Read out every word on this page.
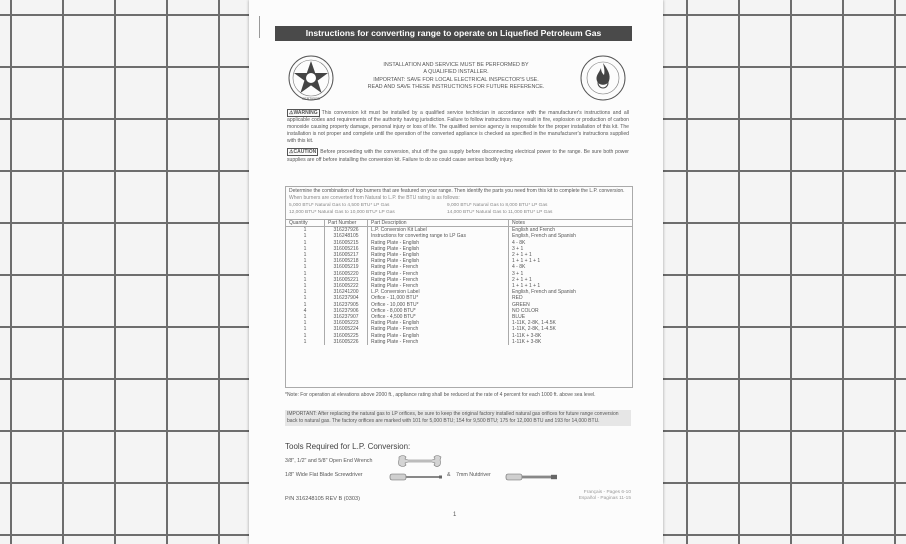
Instructions for converting range to operate on Liquefied Petroleum Gas
CERTIFIED
INSTALLATION AND SERVICE MUST BE PERFORMED BY
A QUALIFIED INSTALLER.
IMPORTANT: SAVE FOR LOCAL ELECTRICAL INSPECTOR'S USE.
READ AND SAVE THESE INSTRUCTIONS FOR FUTURE REFERENCE.

⚠WARNING This conversion kit must be installed by a qualified service technician in accordance with the manufacturer's instructions and all applicable codes and requirements of the authority having jurisdiction. Failure to follow instructions may result in fire, explosion or production of carbon monoxide causing property damage, personal injury or loss of life. The qualified service agency is responsible for the proper installation of this kit. The installation is not proper and complete until the operation of the converted appliance is checked as specified in the manufacturer's instructions supplied with this kit.

⚠CAUTION Before proceeding with the conversion, shut off the gas supply before disconnecting electrical power to the range. Be sure both power supplies are off before installing the conversion kit. Failure to do so could cause serious bodily injury.

Determine the combination of top burners that are featured on your range. Then identify the parts you need from this kit to complete the L.P. conversion. When burners are converted from Natural to L.P. the BTU rating is as follows:
5,000 BTU* Natural Gas to 4,500 BTU* LP Gas	9,000 BTU* Natural Gas to 8,000 BTU* LP Gas
12,000 BTU* Natural Gas to 10,000 BTU* LP Gas	14,000 BTU* Natural Gas to 11,000 BTU* LP Gas
Quantity	Part Number	Part Description	Notes
1	316237926	L.P. Conversion Kit Label	English and French
1	316248105	Instructions for converting range to LP Gas	English, French and Spanish
1	316005215	Rating Plate - English	4 - 8K
1	316005216	Rating Plate - English	3 + 1
1	316005217	Rating Plate - English	2 + 1 + 1
1	316005218	Rating Plate - English	1 + 1 + 1 + 1
1	316005219	Rating Plate - French	4 - 8K
1	316005220	Rating Plate - French	3 + 1
1	316005221	Rating Plate - French	2 + 1 + 1
1	316005222	Rating Plate - French	1 + 1 + 1 + 1
1	316241200	L.P. Conversion Label	English, French and Spanish
1	316237904	Orifice - 11,000 BTU*	RED
1	316237905	Orifice - 10,000 BTU*	GREEN
4	316237906	Orifice - 8,000 BTU*	NO COLOR
1	316237907	Orifice - 4,500 BTU*	BLUE
1	316005223	Rating Plate - English	1-11K, 2-8K, 1-4.5K
1	316005224	Rating Plate - French	1-11K, 2-8K, 1-4.5K
1	316005225	Rating Plate - English	1-11K + 3-8K
1	316005226	Rating Plate - French	1-11K + 3-8K
*Note: For operation at elevations above 2000 ft., appliance rating shall be reduced at the rate of 4 percent for each 1000 ft. above sea level.
IMPORTANT: After replacing the natural gas to LP orifices, be sure to keep the original factory installed natural gas orifices for future range conversion back to natural gas. The factory orifices are marked with 101 for 5,000 BTU; 154 for 9,500 BTU; 175 for 12,000 BTU and 193 for 14,000 BTU.
Tools Required for L.P. Conversion:
3/8", 1/2" and 5/8" Open End Wrench
1/8" Wide Flat Blade Screwdriver	& 7mm Nutdriver
P/N 316248105 REV B (0303)
Français - Pages 6-10
Español - Paginas 11-15
1
